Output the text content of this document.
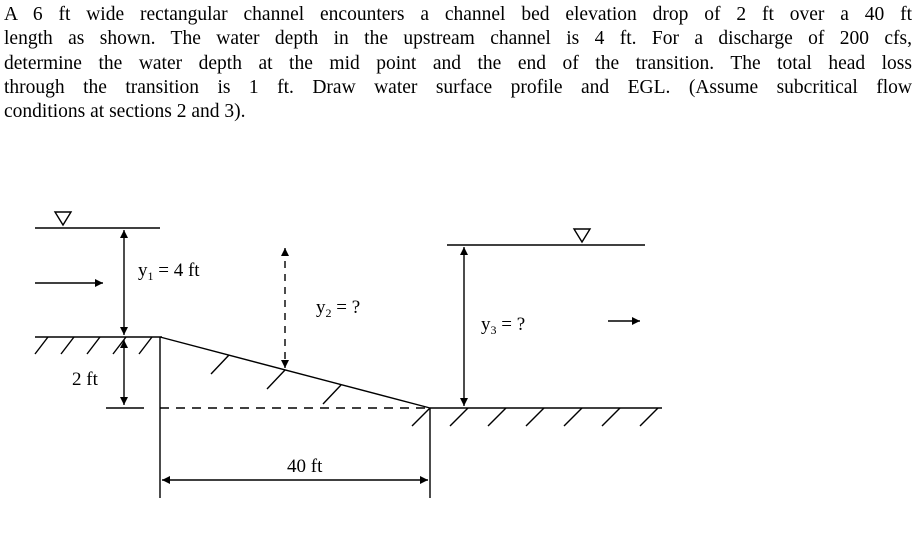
A 6 ft wide rectangular channel encounters a channel bed elevation drop of 2 ft over a 40 ft
length as shown. The water depth in the upstream channel is 4 ft. For a discharge of 200 cfs,
determine the water depth at the mid point and the end of the transition. The total head loss
through the transition is 1 ft. Draw water surface profile and EGL. (Assume subcritical flow
conditions at sections 2 and 3).
$y_1 = 4$ ft
$y_2$ = ?
$y_3$ = ?
2 ft
40 ft
